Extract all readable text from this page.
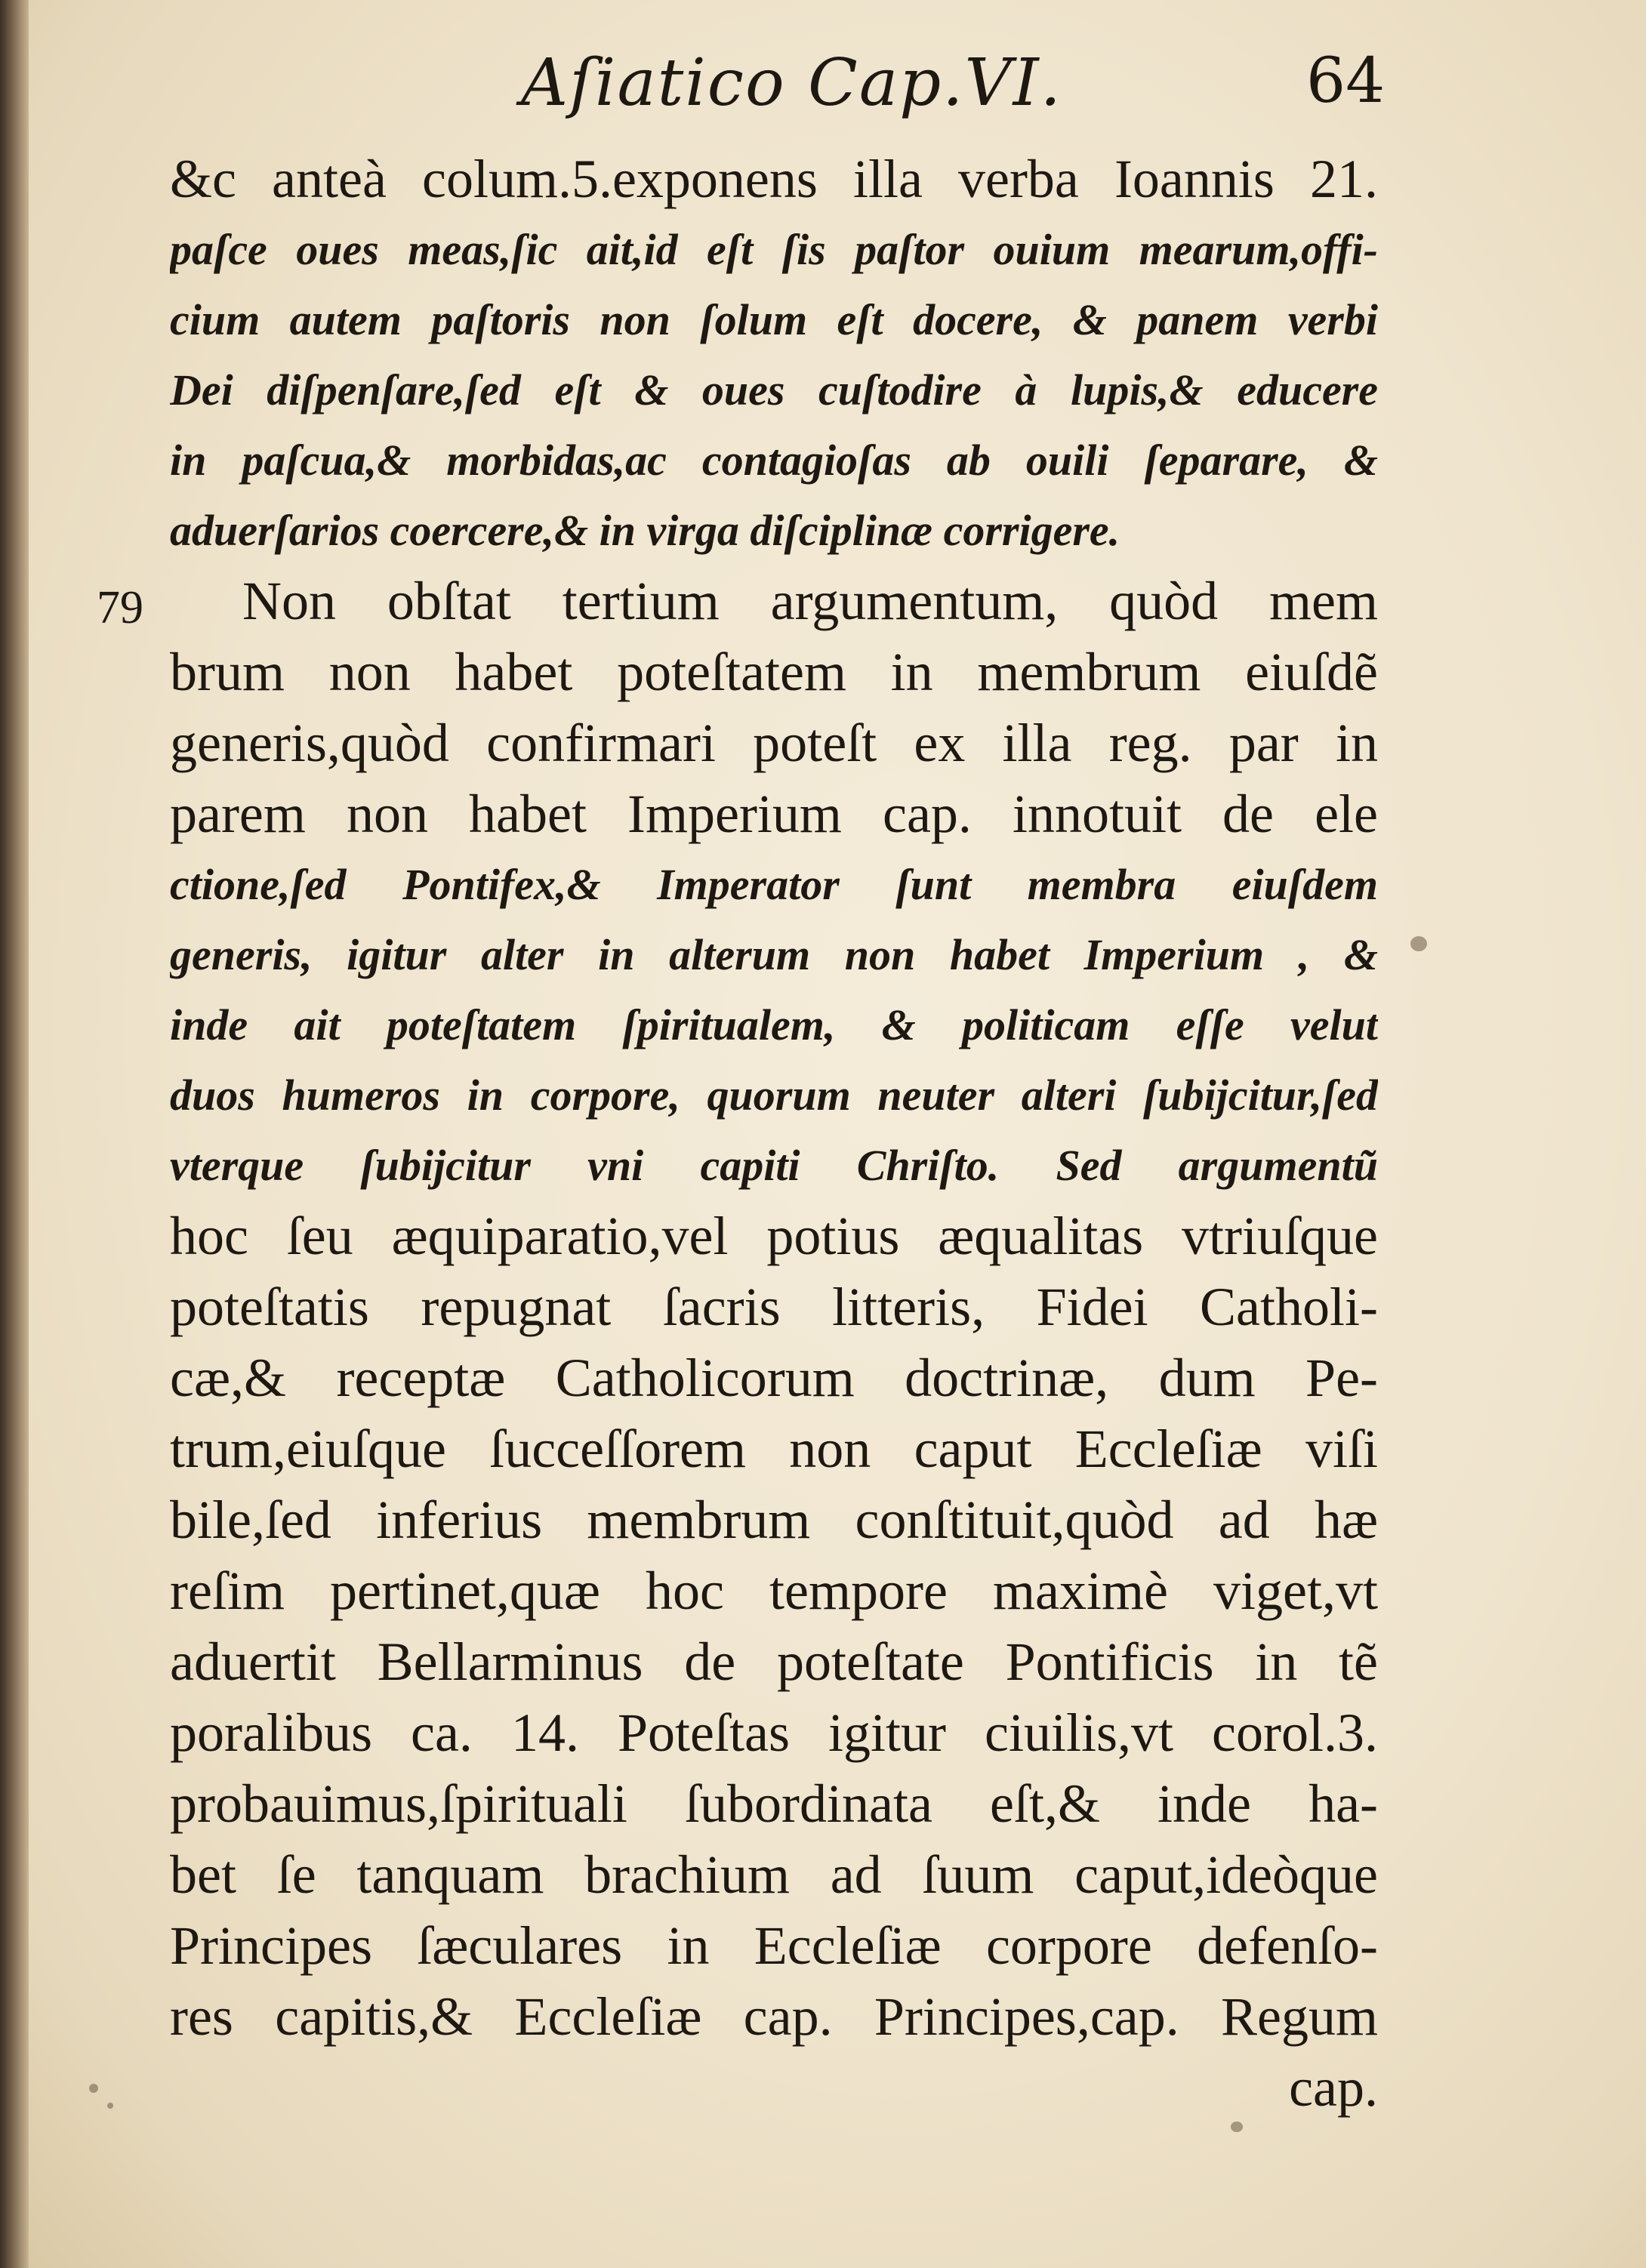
Aſiatico Cap.VI.	64
79
&c anteà colum.5.exponens illa verba Ioannis 21.
paſce oues meas,ſic ait,id eſt ſis paſtor ouium mearum,offi-
cium autem paſtoris non ſolum eſt docere, & panem verbi
Dei diſpenſare,ſed eſt & oues cuſtodire à lupis,& educere
in paſcua,& morbidas,ac contagioſas ab ouili ſeparare, &
aduerſarios coercere,& in virga diſciplinæ corrigere.
Non obſtat tertium argumentum, quòd mem
brum non habet poteſtatem in membrum eiuſdẽ
generis,quòd confirmari poteſt ex illa reg. par in
parem non habet Imperium cap. innotuit de ele
ctione,ſed Pontifex,& Imperator ſunt membra eiuſdem
generis, igitur alter in alterum non habet Imperium , &
inde ait poteſtatem ſpiritualem, & politicam eſſe velut
duos humeros in corpore, quorum neuter alteri ſubijcitur,ſed
vterque ſubijcitur vni capiti Chriſto. Sed argumentũ
hoc ſeu æquiparatio,vel potius æqualitas vtriuſque
poteſtatis repugnat ſacris litteris, Fidei Catholi-
cæ,& receptæ Catholicorum doctrinæ, dum Pe-
trum,eiuſque ſucceſſorem non caput Eccleſiæ viſi
bile,ſed inferius membrum conſtituit,quòd ad hæ
reſim pertinet,quæ hoc tempore maximè viget,vt
aduertit Bellarminus de poteſtate Pontificis in tẽ
poralibus ca. 14. Poteſtas igitur ciuilis,vt corol.3.
probauimus,ſpirituali ſubordinata eſt,& inde ha-
bet ſe tanquam brachium ad ſuum caput,ideòque
Principes ſæculares in Eccleſiæ corpore defenſo-
res capitis,& Eccleſiæ cap. Principes,cap. Regum
cap.
